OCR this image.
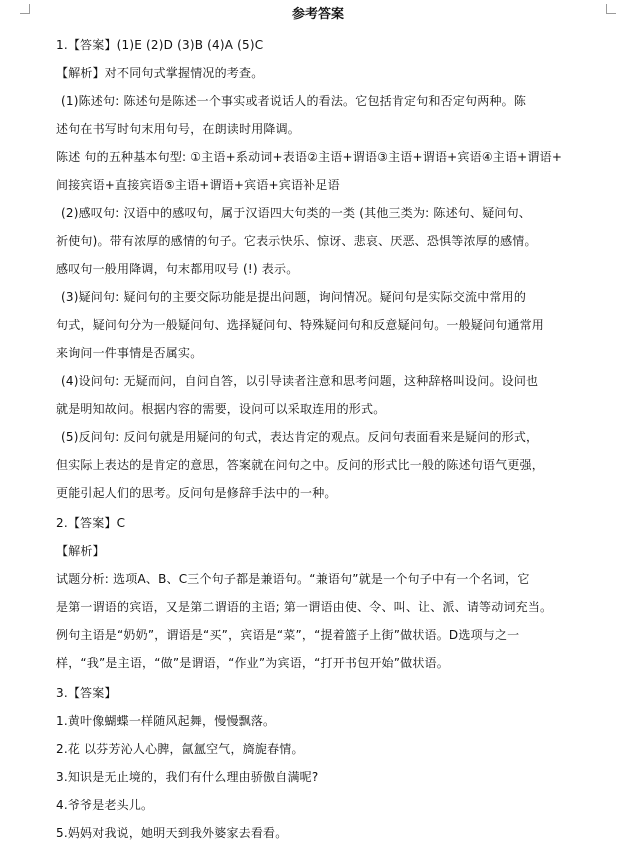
参考答案
1.【答案】(1)E (2)D (3)B (4)A (5)C
【解析】对不同句式掌握情况的考查。
(1)陈述句: 陈述句是陈述一个事实或者说话人的看法。它包括肯定句和否定句两种。陈
述句在书写时句末用句号，在朗读时用降调。
陈述 句的五种基本句型: ①主语+系动词+表语②主语+谓语③主语+谓语+宾语④主语+谓语+
间接宾语+直接宾语⑤主语+谓语+宾语+宾语补足语
(2)感叹句: 汉语中的感叹句，属于汉语四大句类的一类 (其他三类为: 陈述句、疑问句、
祈使句)。带有浓厚的感情的句子。它表示快乐、惊讶、悲哀、厌恶、恐惧等浓厚的感情。
感叹句一般用降调，句末都用叹号 (!) 表示。
(3)疑问句: 疑问句的主要交际功能是提出问题，询问情况。疑问句是实际交流中常用的
句式，疑问句分为一般疑问句、选择疑问句、特殊疑问句和反意疑问句。一般疑问句通常用
来询问一件事情是否属实。
(4)设问句: 无疑而问，自问自答，以引导读者注意和思考问题，这种辞格叫设问。设问也
就是明知故问。根据内容的需要，设问可以采取连用的形式。
(5)反问句: 反问句就是用疑问的句式，表达肯定的观点。反问句表面看来是疑问的形式，
但实际上表达的是肯定的意思，答案就在问句之中。反问的形式比一般的陈述句语气更强，
更能引起人们的思考。反问句是修辞手法中的一种。
2.【答案】C
【解析】
试题分析: 选项A、B、C三个句子都是兼语句。“兼语句”就是一个句子中有一个名词，它
是第一谓语的宾语，又是第二谓语的主语; 第一谓语由使、令、叫、让、派、请等动词充当。
例句主语是“奶奶”，谓语是“买”，宾语是“菜”，“提着篮子上街”做状语。D选项与之一
样，“我”是主语，“做”是谓语，“作业”为宾语，“打开书包开始”做状语。
3.【答案】
1.黄叶像蝴蝶一样随风起舞，慢慢飘落。
2.花 以芬芳沁人心脾，氤氲空气，旖旎春情。
3.知识是无止境的，我们有什么理由骄傲自满呢?
4.爷爷是老头儿。
5.妈妈对我说，她明天到我外婆家去看看。
